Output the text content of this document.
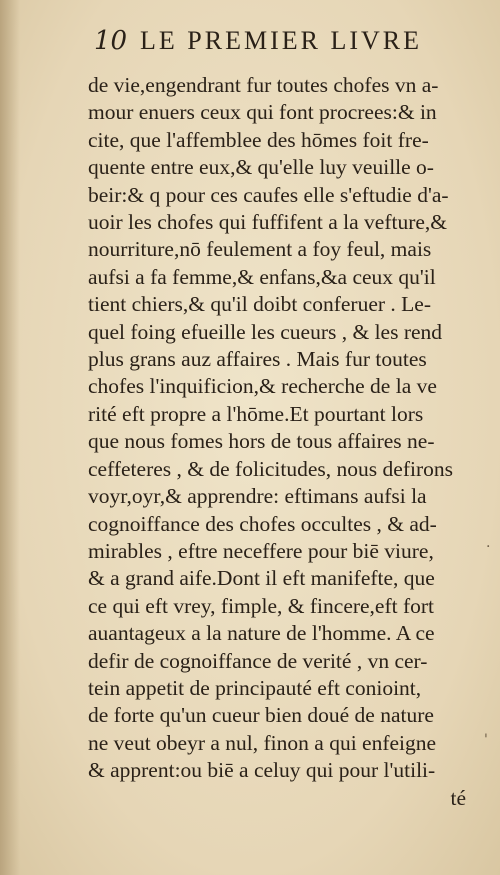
10 LE PREMIER LIVRE
de vie,engendrant fur toutes chofes vn a-
mour enuers ceux qui font procrees:& in
cite, que l'affemblee des hōmes foit fre-
quente entre eux,& qu'elle luy veuille o-
beir:& q pour ces caufes elle s'eftudie d'a-
uoir les chofes qui fuffifent a la vefture,&
nourriture,nō feulement a foy feul, mais
aufsi a fa femme,& enfans,&a ceux qu'il
tient chiers,& qu'il doibt conferuer . Le-
quel foing efueille les cueurs , & les rend
plus grans auz affaires . Mais fur toutes
chofes l'inquificion,& recherche de la ve
rité eft propre a l'hōme.Et pourtant lors
que nous fomes hors de tous affaires ne-
ceffeteres , & de folicitudes, nous defirons
voyr,oyr,& apprendre: eftimans aufsi la
cognoiffance des chofes occultes , & ad-
mirables , eftre neceffere pour biē viure,
& a grand aife.Dont il eft manifefte, que
ce qui eft vrey, fimple, & fincere,eft fort
auantageux a la nature de l'homme. A ce
defir de cognoiffance de verité , vn cer-
tein appetit de principauté eft conioint,
de forte qu'un cueur bien doué de nature
ne veut obeyr a nul, finon a qui enfeigne
& apprent:ou biē a celuy qui pour l'utili-
té
.
'
